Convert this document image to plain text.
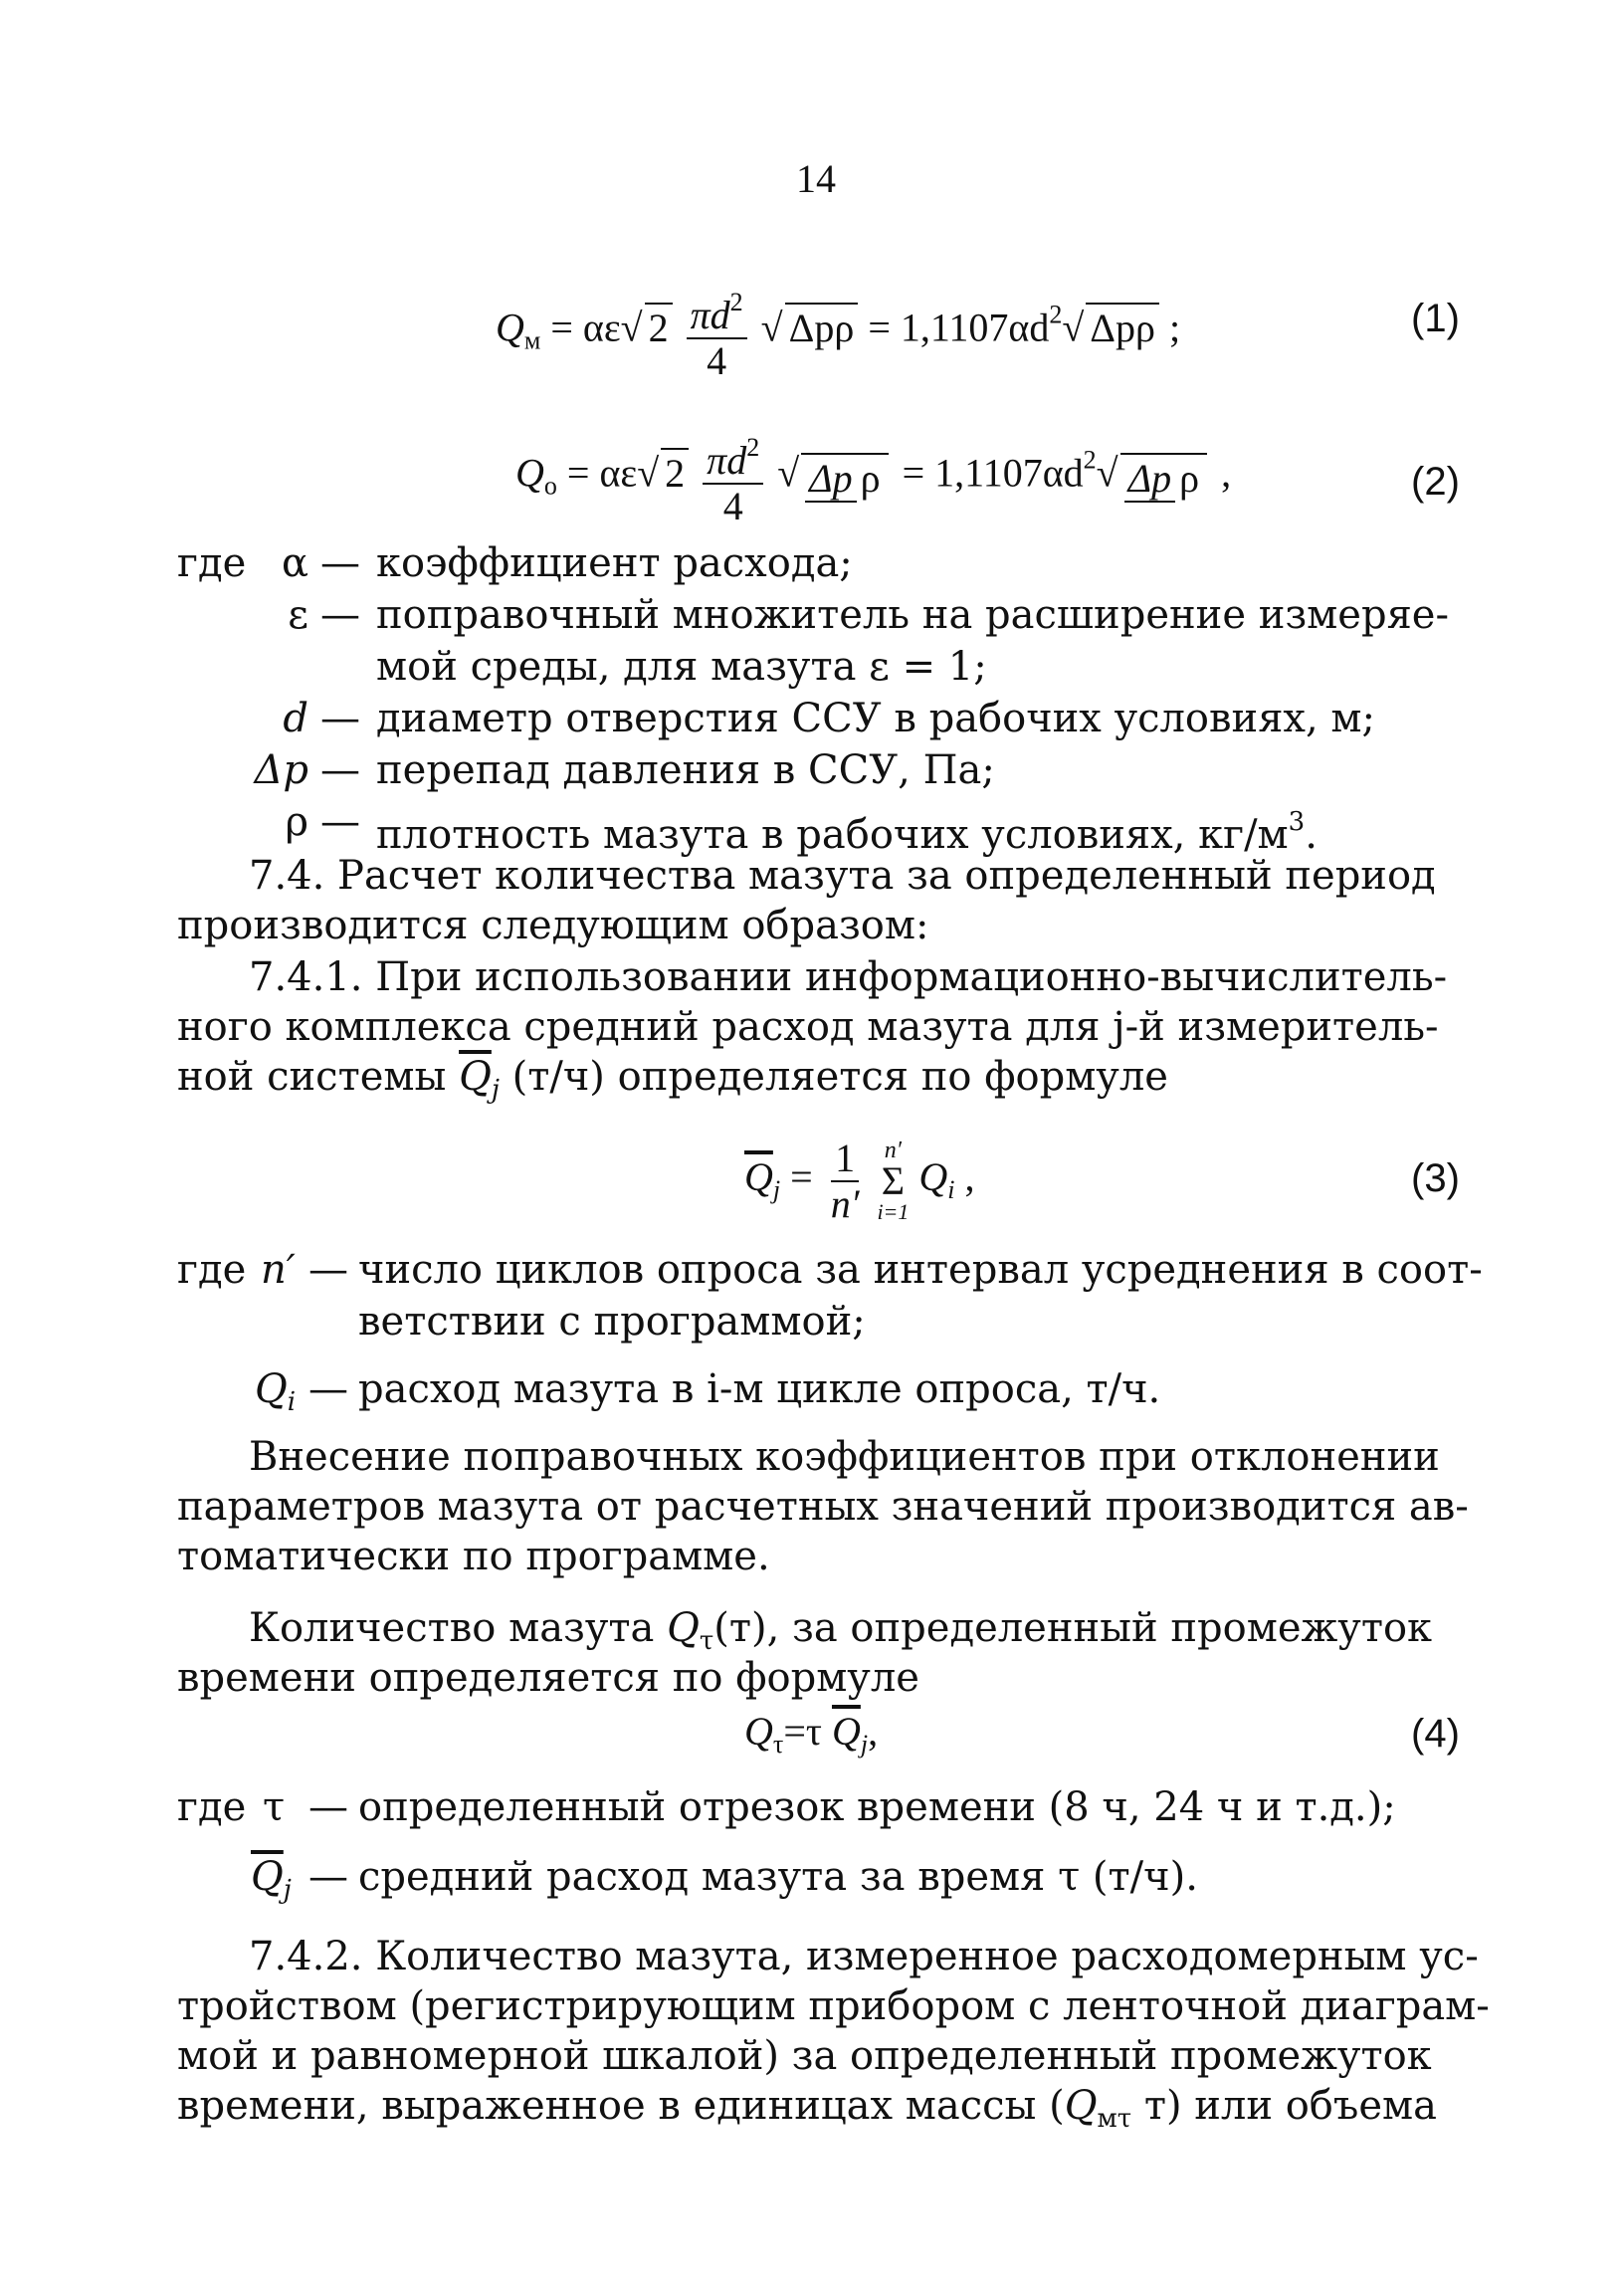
14
$Q_м = \alpha\varepsilon√$ $2 \frac{\pi d^2}{4}$ √ $\Delta p\rho = 1,1107\alpha d^2√$ Δpρ ;	(1)
$Q_о = \alpha\varepsilon√$ $2 \frac{\pi d^2}{4}$ √ Δp $\rho = 1,1107\alpha d^2√$ Δp ρ ,	(2)
где α — коэффициент расхода;
ε — поправочный множитель на расширение измеряе-
мой среды, для мазута ε = 1;
d — диаметр отверстия ССУ в рабочих условиях, м;
Δp — перепад давления в ССУ, Па;
ρ — плотность мазута в рабочих условиях, $кг/м^3$.
7.4. Расчет количества мазута за определенный период
производится следующим образом:
7.4.1. При использовании информационно-вычислитель-
ного комплекса средний расход мазута для j-й измеритель-
ной системы $\overline{Q}_j$ (т/ч) определяется по формуле
$\overline{Q}_j = \frac{1}{n'}$
n′
Σ
i=1
$Q_i$ ,	(3)
где n′ — число циклов опроса за интервал усреднения в соот-
ветствии с программой;
$Q_i$ — расход мазута в i-м цикле опроса, т/ч.
Внесение поправочных коэффициентов при отклонении
параметров мазута от расчетных значений производится ав-
томатически по программе.
Количество мазута $Q_\tau(т)$, за определенный промежуток
времени определяется по формуле
$Q_\tau=\tau$ $\overline{Q}_j$,	(4)
где τ — определенный отрезок времени (8 ч, 24 ч и т.д.);
$\overline{Q}_j$ — средний расход мазута за время τ (т/ч).
7.4.2. Количество мазута, измеренное расходомерным ус-
тройством (регистрирующим прибором с ленточной диаграм-
мой и равномерной шкалой) за определенный промежуток
времени, выраженное в единицах массы ($Q_{м\tau}$ т) или объема
